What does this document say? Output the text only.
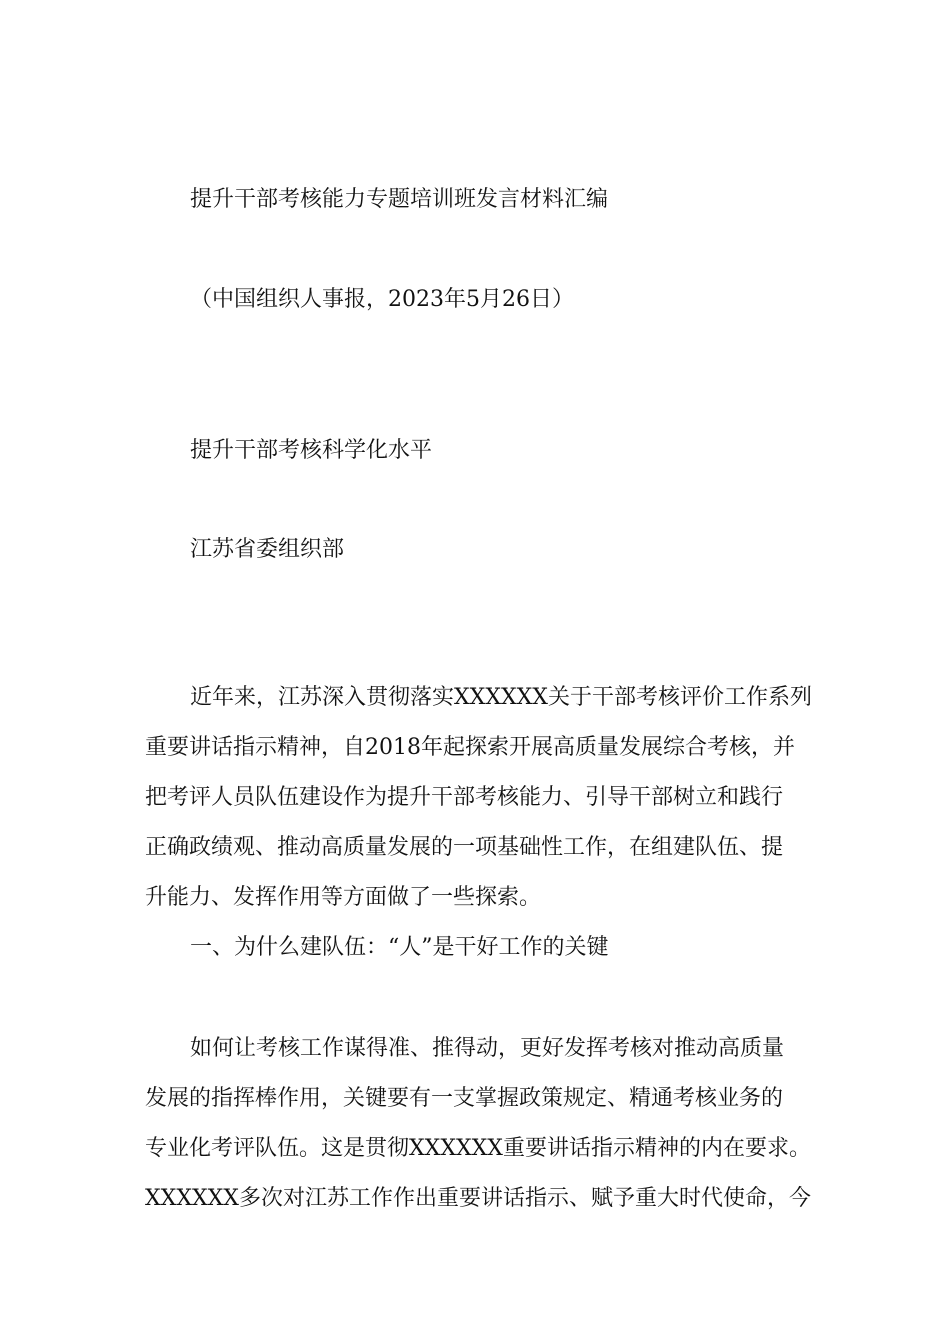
提升干部考核能力专题培训班发言材料汇编
（中国组织人事报，2023年5月26日）
提升干部考核科学化水平
江苏省委组织部
近年来，江苏深入贯彻落实XXXXXX关于干部考核评价工作系列
重要讲话指示精神，自2018年起探索开展高质量发展综合考核，并
把考评人员队伍建设作为提升干部考核能力、引导干部树立和践行
正确政绩观、推动高质量发展的一项基础性工作，在组建队伍、提
升能力、发挥作用等方面做了一些探索。
一、为什么建队伍：“人”是干好工作的关键
如何让考核工作谋得准、推得动，更好发挥考核对推动高质量
发展的指挥棒作用，关键要有一支掌握政策规定、精通考核业务的
专业化考评队伍。这是贯彻XXXXXX重要讲话指示精神的内在要求。
XXXXXX多次对江苏工作作出重要讲话指示、赋予重大时代使命，今
